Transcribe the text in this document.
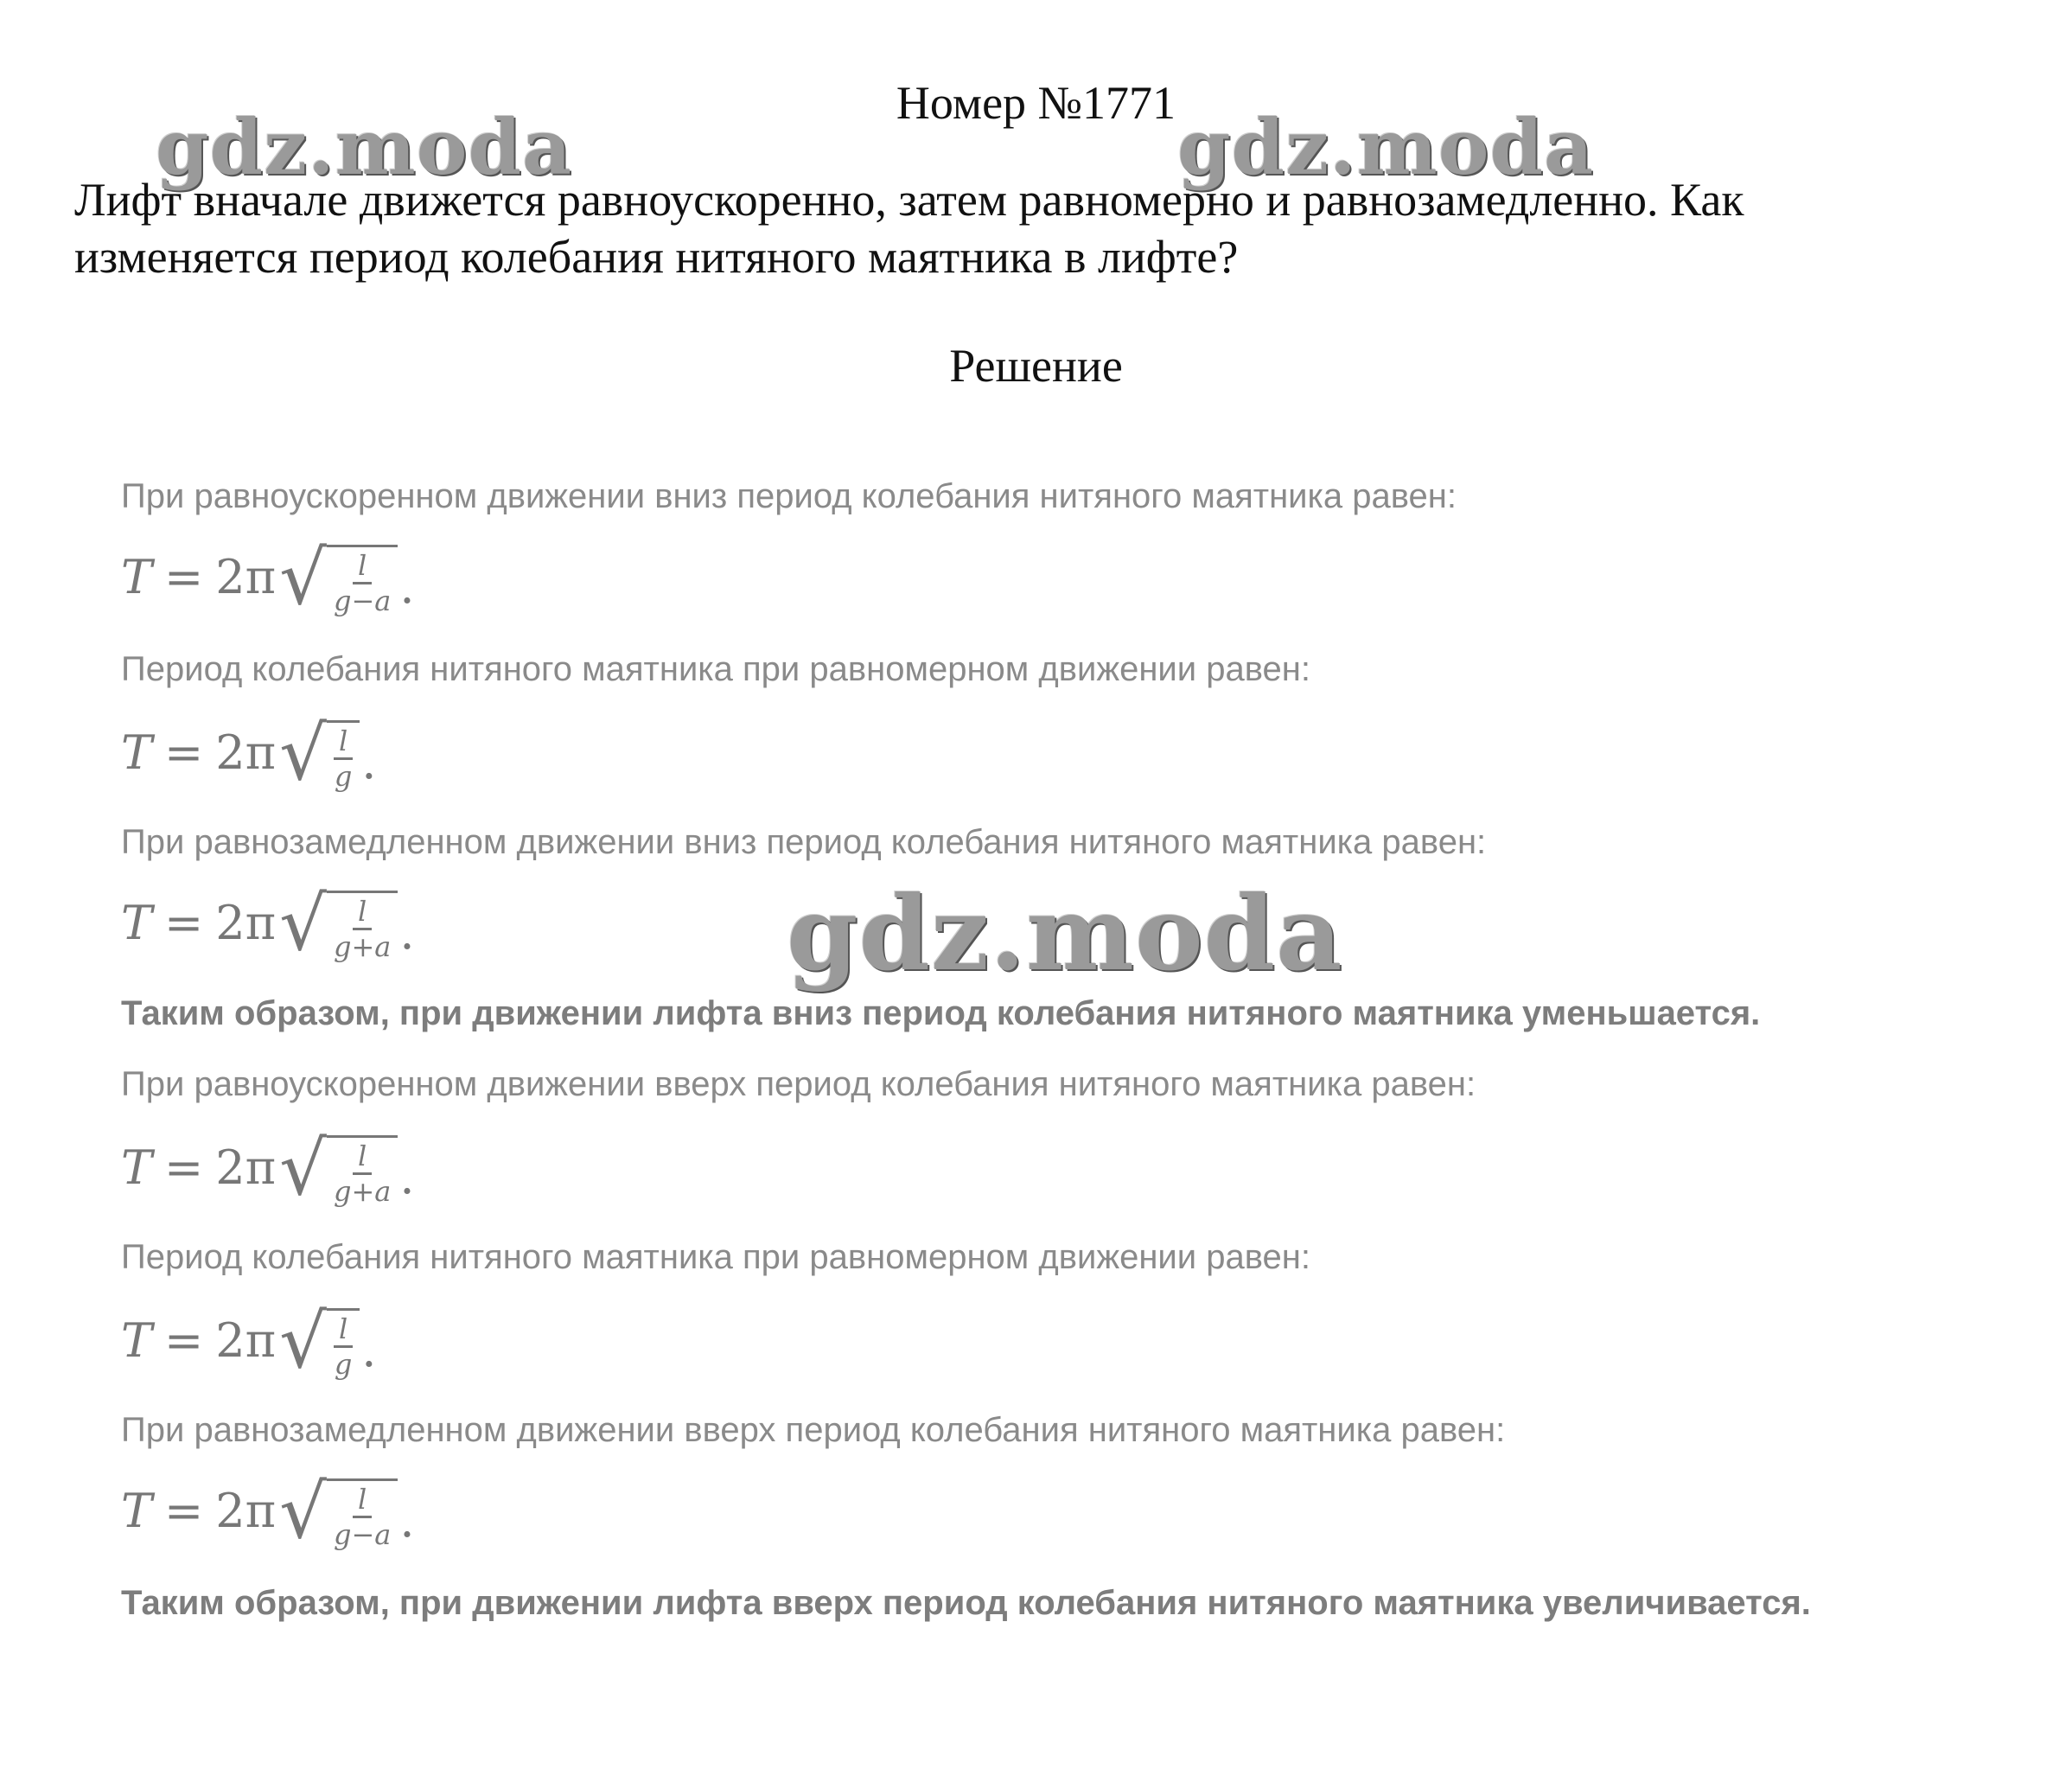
Номер №1771
gdz.moda	gdz.moda
Лифт вначале движется равноускоренно, затем равномерно и равнозамедленно. Как
изменяется период колебания нитяного маятника в лифте?
Решение
При равноускоренном движении вниз период колебания нитяного маятника равен:
T = 2π √ $\frac{l}{g-a}$ .
Период колебания нитяного маятника при равномерном движении равен:
T = 2π √ $\frac{l}{g}$ .
При равнозамедленном движении вниз период колебания нитяного маятника равен:
T = 2π √ $\frac{l}{g+a}$ .	gdz.moda
Таким образом, при движении лифта вниз период колебания нитяного маятника уменьшается.
При равноускоренном движении вверх период колебания нитяного маятника равен:
T = 2π √ $\frac{l}{g+a}$ .
Период колебания нитяного маятника при равномерном движении равен:
T = 2π √ $\frac{l}{g}$ .
При равнозамедленном движении вверх период колебания нитяного маятника равен:
T = 2π √ $\frac{l}{g-a}$ .
Таким образом, при движении лифта вверх период колебания нитяного маятника увеличивается.
